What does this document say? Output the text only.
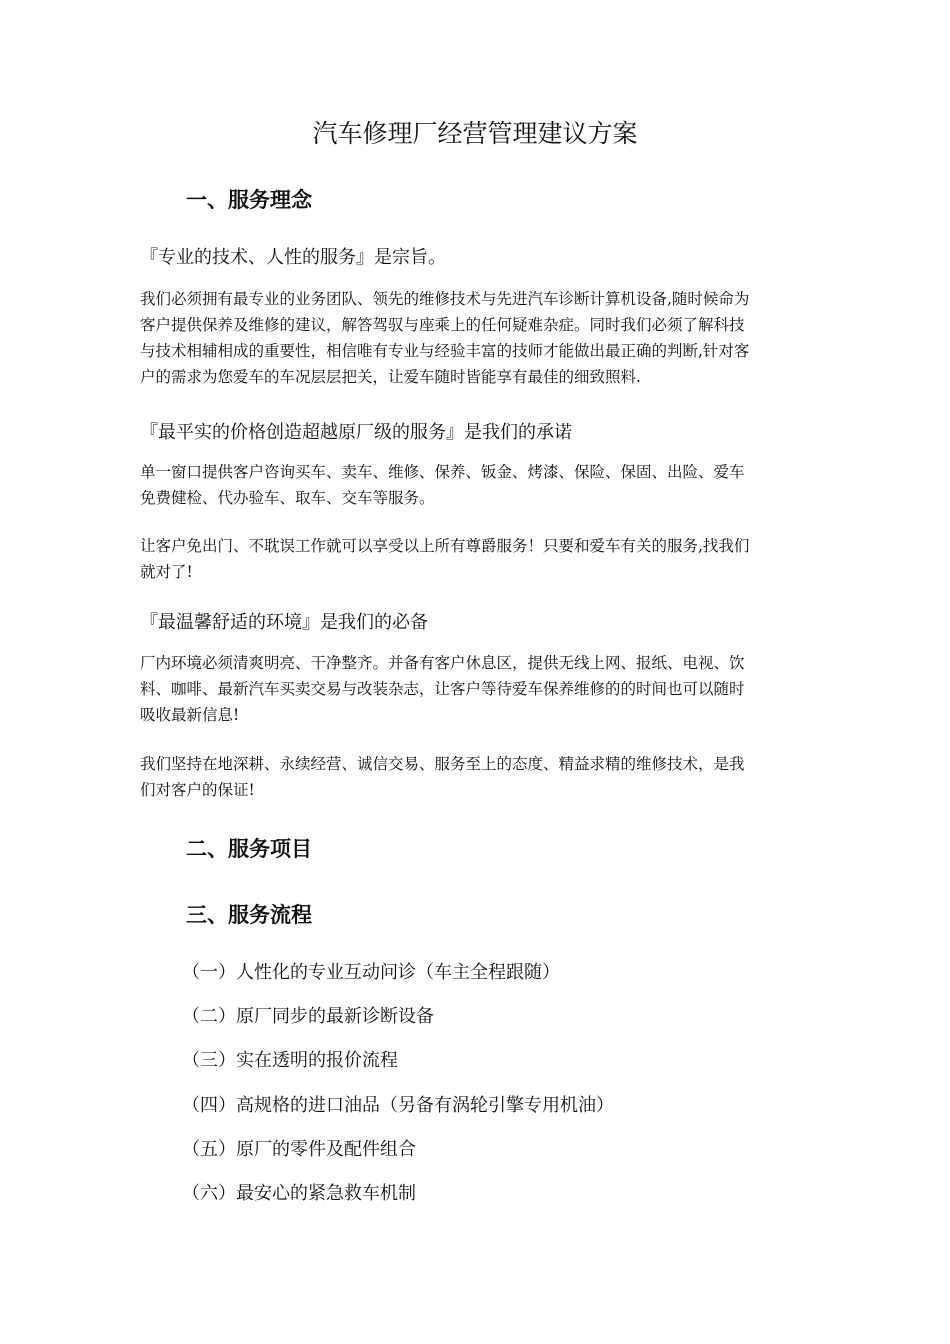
汽车修理厂经营管理建议方案
一、服务理念
『专业的技术、人性的服务』是宗旨。
我们必须拥有最专业的业务团队、领先的维修技术与先进汽车诊断计算机设备,随时候命为
客户提供保养及维修的建议，解答驾驭与座乘上的任何疑难杂症。同时我们必须了解科技
与技术相辅相成的重要性，相信唯有专业与经验丰富的技师才能做出最正确的判断,针对客
户的需求为您爱车的车况层层把关，让爱车随时皆能享有最佳的细致照料.
『最平实的价格创造超越原厂级的服务』是我们的承诺
单一窗口提供客户咨询买车、卖车、维修、保养、钣金、烤漆、保险、保固、出险、爱车
免费健检、代办验车、取车、交车等服务。
让客户免出门、不耽误工作就可以享受以上所有尊爵服务！只要和爱车有关的服务,找我们
就对了!
『最温馨舒适的环境』是我们的必备
厂内环境必须清爽明亮、干净整齐。并备有客户休息区，提供无线上网、报纸、电视、饮
料、咖啡、最新汽车买卖交易与改装杂志，让客户等待爱车保养维修的的时间也可以随时
吸收最新信息!
我们坚持在地深耕、永续经营、诚信交易、服务至上的态度、精益求精的维修技术，是我
们对客户的保证!
二、服务项目
三、服务流程
（一）人性化的专业互动问诊（车主全程跟随）
（二）原厂同步的最新诊断设备
（三）实在透明的报价流程
（四）高规格的进口油品（另备有涡轮引擎专用机油）
（五）原厂的零件及配件组合
（六）最安心的紧急救车机制
